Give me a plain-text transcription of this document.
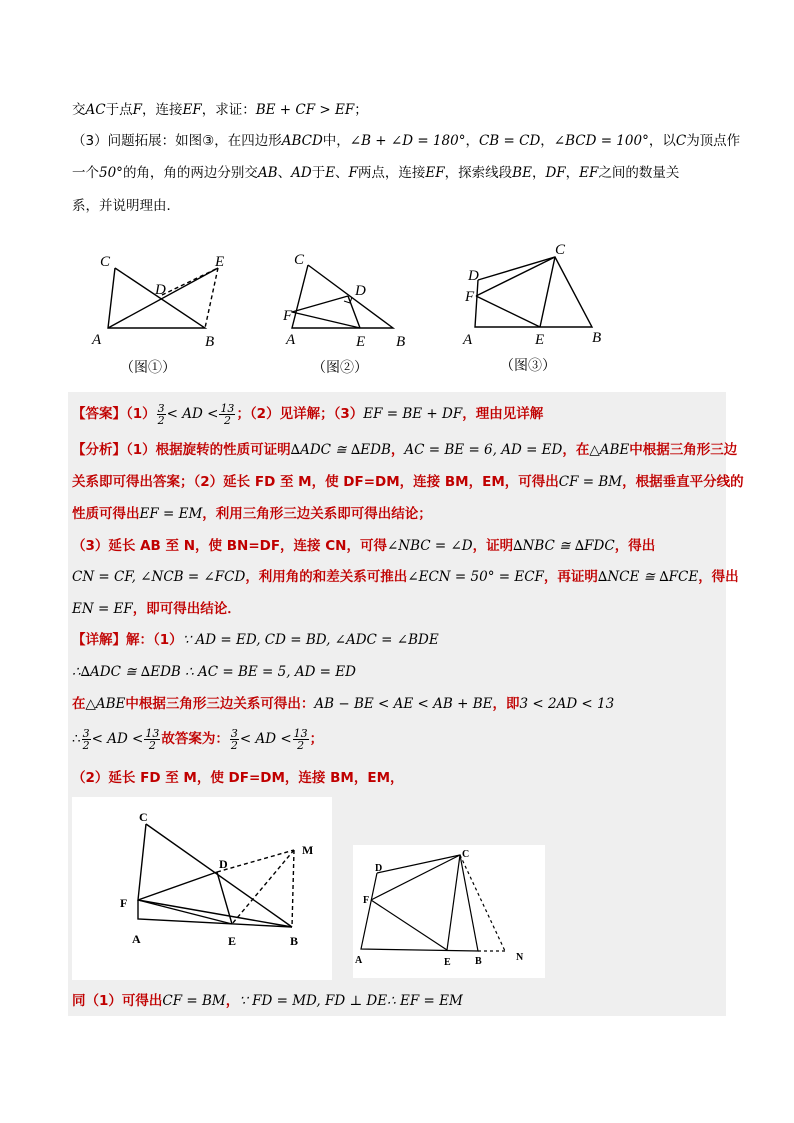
交AC于点F，连接EF，求证：BE + CF > EF；
（3）问题拓展：如图③，在四边形ABCD中，∠B + ∠D = 180°，CB = CD，∠BCD = 100°，以C为顶点作
一个50°的角，角的两边分别交AB、AD于E、F两点，连接EF，探索线段BE，DF，EF之间的数量关
系，并说明理由．
C
D
E
A	B
（图①）
C
D
F
A	E B
（图②）
C
D
F
A	E	B
（图③）
【答案】$(1) \frac{3}{2}$ < AD < $\frac{13}{2}$ ；（2）见详解；（3）EF = BE + DF，理由见详解
【分析】（1）根据旋转的性质可证明∆ADC ≅ ∆EDB，AC = BE = 6, AD = ED，在△ABE中根据三角形三边
关系即可得出答案；（2）延长 FD 至 M，使 DF=DM，连接 BM，EM，可得出CF = BM，根据垂直平分线的
性质可得出EF = EM，利用三角形三边关系即可得出结论；
（3）延长 AB 至 N，使 BN=DF，连接 CN，可得∠NBC = ∠D，证明∆NBC ≅ ∆FDC，得出
CN = CF, ∠NCB = ∠FCD，利用角的和差关系可推出∠ECN = 50° = ECF，再证明∆NCE ≅ ∆FCE，得出
EN = EF，即可得出结论．
【详解】解：（1）∵ AD = ED, CD = BD, ∠ADC = ∠BDE
∴∆ADC ≅ ∆EDB ∴ AC = BE = 5, AD = ED
在△ABE中根据三角形三边关系可得出：AB − BE < AE < AB + BE，即3 < 2AD < 13
∴ $\frac{3}{2}$ < AD < $\frac{13}{2}$ 故答案为： $\frac{3}{2}$ < AD < $\frac{13}{2}$ ；
（2）延长 FD 至 M，使 DF=DM，连接 BM，EM，
C
D
M
F
A	E	B
D
C
F
A	E B	N
同（1）可得出CF = BM，∵ FD = MD, FD ⊥ DE∴ EF = EM
